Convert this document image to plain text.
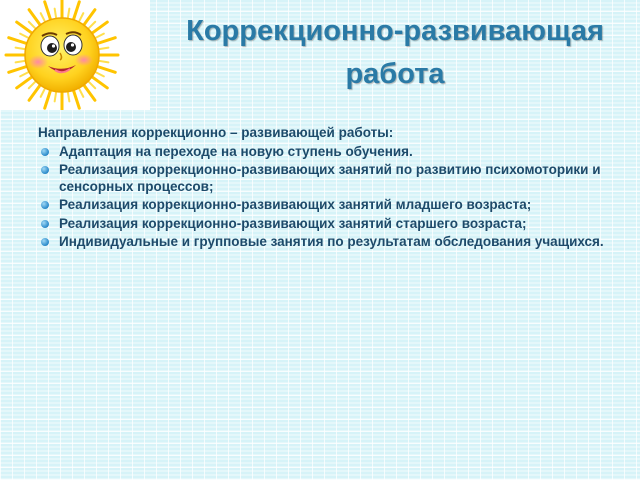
Коррекционно-развивающая работа

Направления коррекционно – развивающей работы:

Адаптация на переходе на новую ступень обучения.
Реализация коррекционно-развивающих занятий по развитию психомоторики и сенсорных процессов;
Реализация коррекционно-развивающих занятий младшего возраста;
Реализация коррекционно-развивающих занятий старшего возраста;
Индивидуальные и групповые занятия по результатам обследования учащихся.
